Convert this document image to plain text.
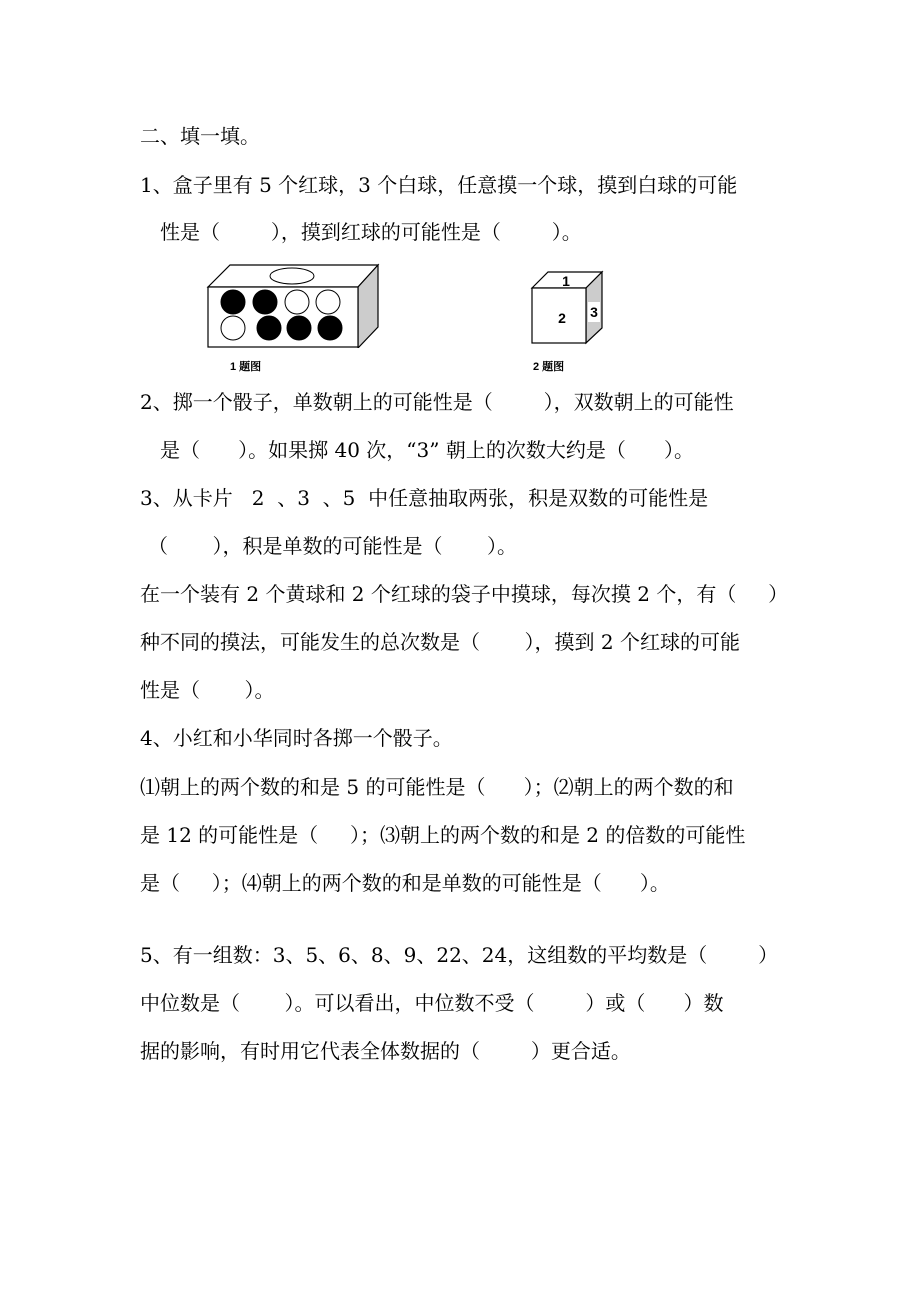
二、填一填。
1、盒子里有 5 个红球，3 个白球，任意摸一个球，摸到白球的可能
性是（        ），摸到红球的可能性是（        ）。
1 题图
1
2 3
2 题图
2、掷一个骰子，单数朝上的可能性是（        ），双数朝上的可能性
是（      ）。如果掷 40 次，“3” 朝上的次数大约是（      ）。
3、从卡片   2  、3  、5  中任意抽取两张，积是双数的可能性是
（       ），积是单数的可能性是（       ）。
在一个装有 2 个黄球和 2 个红球的袋子中摸球，每次摸 2 个，有（     ）
种不同的摸法，可能发生的总次数是（       ），摸到 2 个红球的可能
性是（       ）。
4、小红和小华同时各掷一个骰子。
⑴朝上的两个数的和是 5 的可能性是（      ）；⑵朝上的两个数的和
是 12 的可能性是（     ）；⑶朝上的两个数的和是 2 的倍数的可能性
是（     ）；⑷朝上的两个数的和是单数的可能性是（      ）。
5、有一组数：3、5、6、8、9、22、24，这组数的平均数是（        ）
中位数是（       ）。可以看出，中位数不受（        ）或（      ）数
据的影响，有时用它代表全体数据的（        ）更合适。
